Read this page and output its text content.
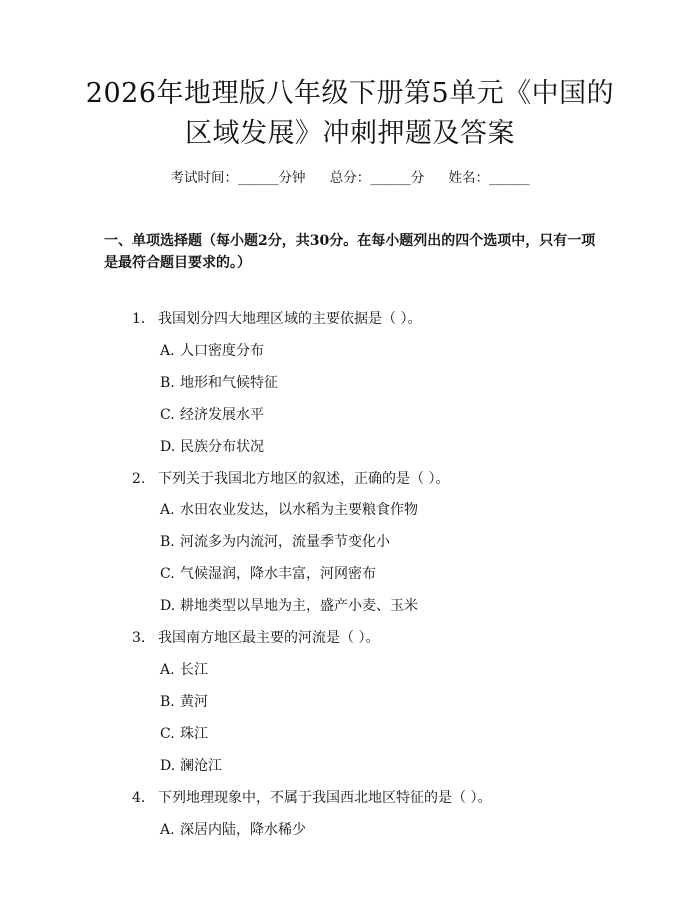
2026年地理版八年级下册第5单元《中国的
区域发展》冲刺押题及答案
考试时间：______分钟 总分：______分 姓名：______
一、单项选择题（每小题2分，共30分。在每小题列出的四个选项中，只有一项
是最符合题目要求的。）
1. 我国划分四大地理区域的主要依据是（ ）。
A. 人口密度分布
B. 地形和气候特征
C. 经济发展水平
D. 民族分布状况
2. 下列关于我国北方地区的叙述，正确的是（ ）。
A. 水田农业发达，以水稻为主要粮食作物
B. 河流多为内流河，流量季节变化小
C. 气候湿润，降水丰富，河网密布
D. 耕地类型以旱地为主，盛产小麦、玉米
3. 我国南方地区最主要的河流是（ ）。
A. 长江
B. 黄河
C. 珠江
D. 澜沧江
4. 下列地理现象中，不属于我国西北地区特征的是（ ）。
A. 深居内陆，降水稀少
